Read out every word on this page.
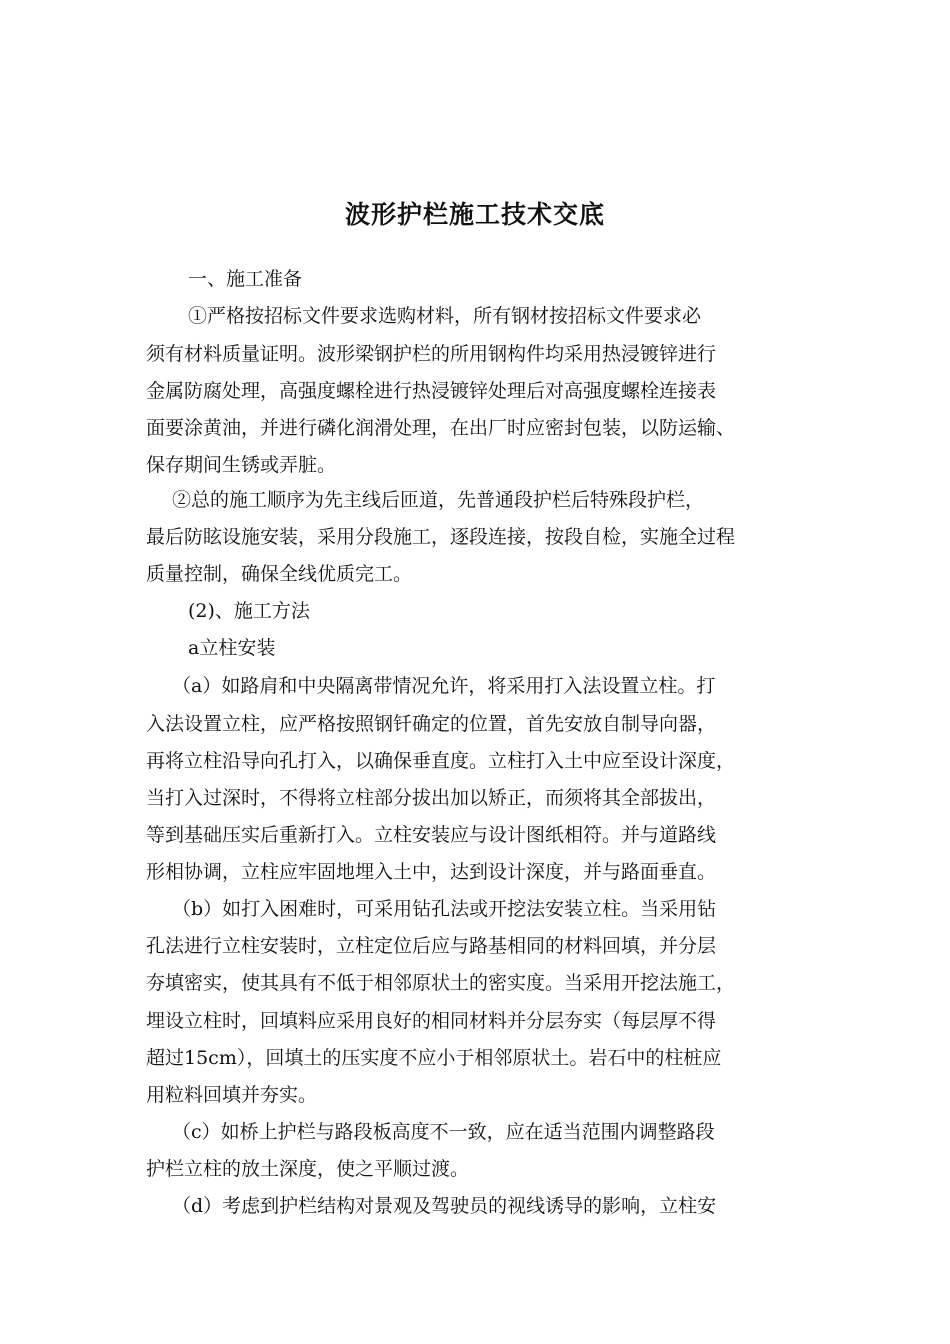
波形护栏施工技术交底
一、施工准备
①严格按招标文件要求选购材料，所有钢材按招标文件要求必
须有材料质量证明。波形梁钢护栏的所用钢构件均采用热浸镀锌进行
金属防腐处理，高强度螺栓进行热浸镀锌处理后对高强度螺栓连接表
面要涂黄油，并进行磷化润滑处理，在出厂时应密封包装，以防运输、
保存期间生锈或弄脏。
②总的施工顺序为先主线后匝道，先普通段护栏后特殊段护栏，
最后防眩设施安装，采用分段施工，逐段连接，按段自检，实施全过程
质量控制，确保全线优质完工。
(2)、施工方法
a立柱安装
（a）如路肩和中央隔离带情况允许，将采用打入法设置立柱。打
入法设置立柱，应严格按照钢钎确定的位置，首先安放自制导向器，
再将立柱沿导向孔打入，以确保垂直度。立柱打入土中应至设计深度，
当打入过深时，不得将立柱部分拔出加以矫正，而须将其全部拔出，
等到基础压实后重新打入。立柱安装应与设计图纸相符。并与道路线
形相协调，立柱应牢固地埋入土中，达到设计深度，并与路面垂直。
（b）如打入困难时，可采用钻孔法或开挖法安装立柱。当采用钻
孔法进行立柱安装时，立柱定位后应与路基相同的材料回填，并分层
夯填密实，使其具有不低于相邻原状土的密实度。当采用开挖法施工，
埋设立柱时，回填料应采用良好的相同材料并分层夯实（每层厚不得
超过15cm），回填土的压实度不应小于相邻原状土。岩石中的柱桩应
用粒料回填并夯实。
（c）如桥上护栏与路段板高度不一致，应在适当范围内调整路段
护栏立柱的放土深度，使之平顺过渡。
（d）考虑到护栏结构对景观及驾驶员的视线诱导的影响，立柱安
